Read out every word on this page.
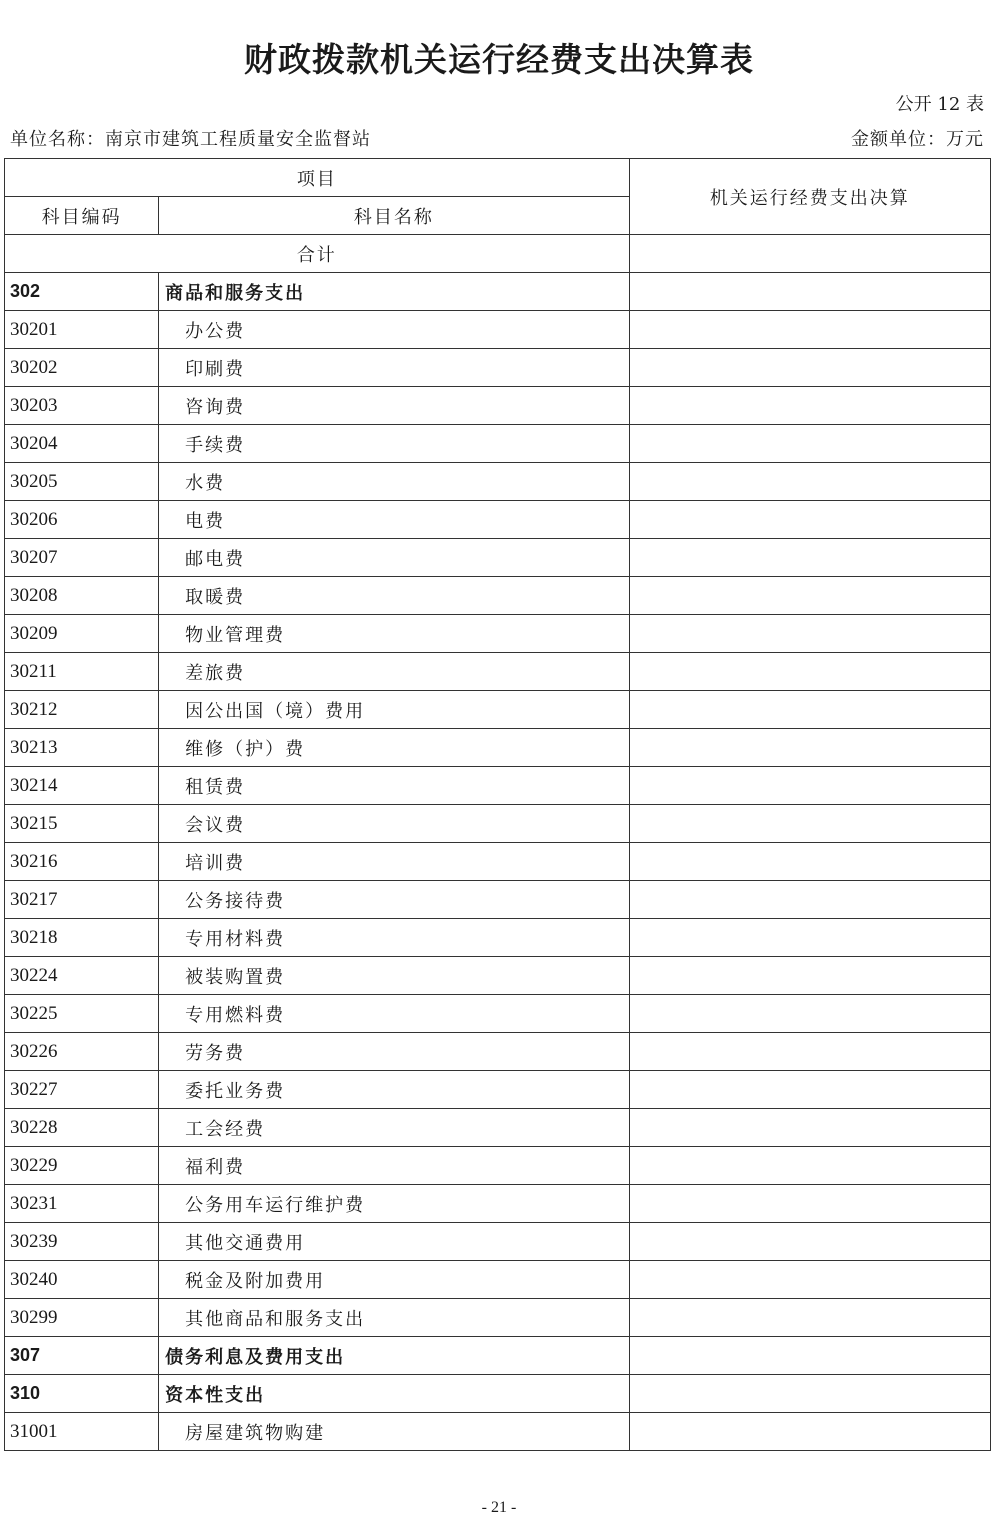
财政拨款机关运行经费支出决算表
公开 12 表
单位名称：南京市建筑工程质量安全监督站	金额单位：万元
项目		机关运行经费支出决算
科目编码	科目名称	
合计		
302	商品和服务支出	
30201	办公费	
30202	印刷费	
30203	咨询费	
30204	手续费	
30205	水费	
30206	电费	
30207	邮电费	
30208	取暖费	
30209	物业管理费	
30211	差旅费	
30212	因公出国（境）费用	
30213	维修（护）费	
30214	租赁费	
30215	会议费	
30216	培训费	
30217	公务接待费	
30218	专用材料费	
30224	被装购置费	
30225	专用燃料费	
30226	劳务费	
30227	委托业务费	
30228	工会经费	
30229	福利费	
30231	公务用车运行维护费	
30239	其他交通费用	
30240	税金及附加费用	
30299	其他商品和服务支出	
307	债务利息及费用支出	
310	资本性支出	
31001	房屋建筑物购建	
- 21 -
